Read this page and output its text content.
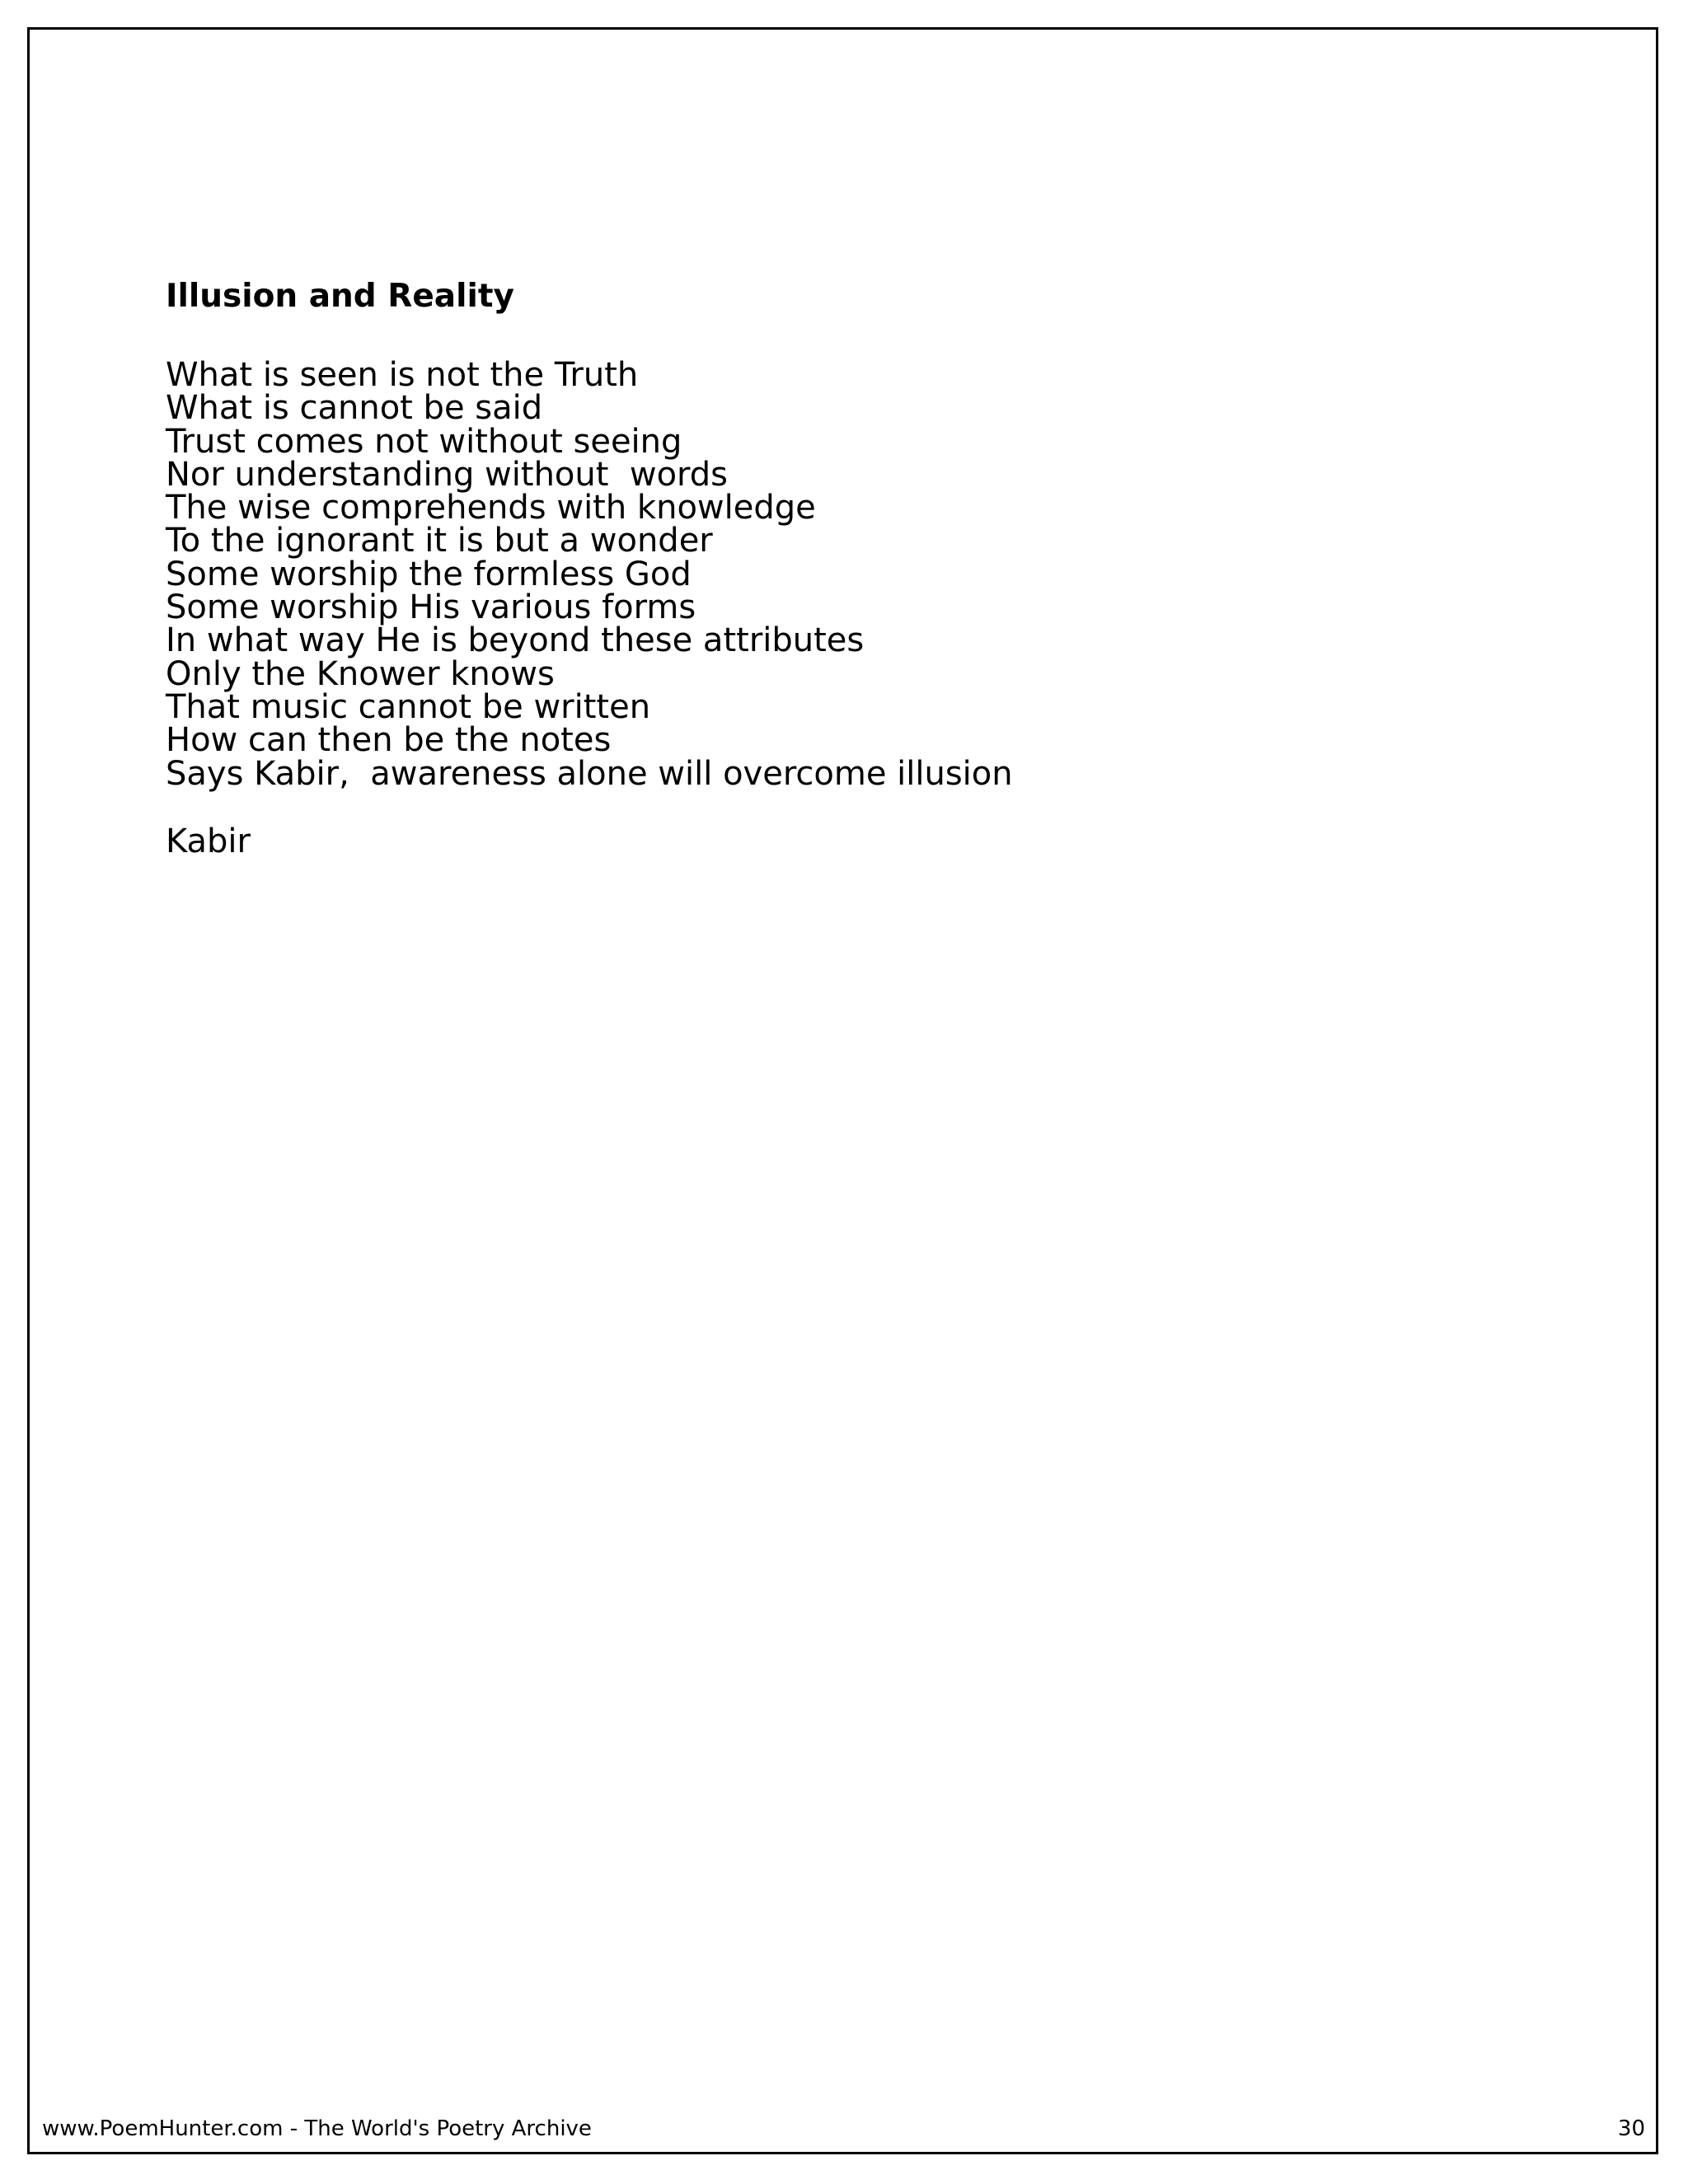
Illusion and Reality
What is seen is not the Truth
What is cannot be said
Trust comes not without seeing
Nor understanding without  words
The wise comprehends with knowledge
To the ignorant it is but a wonder
Some worship the formless God
Some worship His various forms
In what way He is beyond these attributes
Only the Knower knows
That music cannot be written
How can then be the notes
Says Kabir,  awareness alone will overcome illusion
Kabir
www.PoemHunter.com - The World's Poetry Archive	30
